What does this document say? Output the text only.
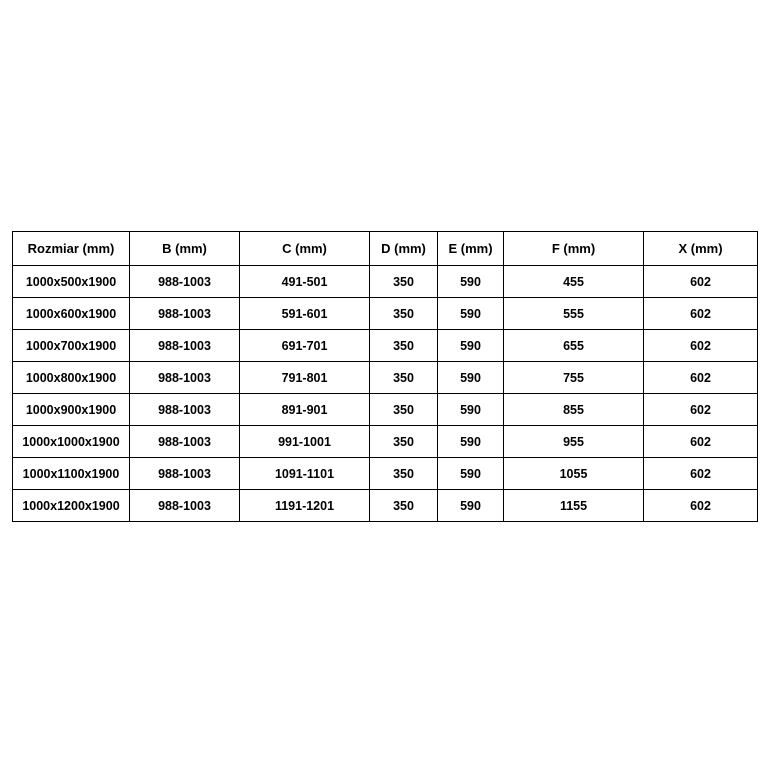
Rozmiar (mm)	B (mm)	C (mm)	D (mm)	E (mm)	F (mm)	X (mm)
1000x500x1900	988-1003	491-501	350	590	455	602
1000x600x1900	988-1003	591-601	350	590	555	602
1000x700x1900	988-1003	691-701	350	590	655	602
1000x800x1900	988-1003	791-801	350	590	755	602
1000x900x1900	988-1003	891-901	350	590	855	602
1000x1000x1900	988-1003	991-1001	350	590	955	602
1000x1100x1900	988-1003	1091-1101	350	590	1055	602
1000x1200x1900	988-1003	1191-1201	350	590	1155	602
